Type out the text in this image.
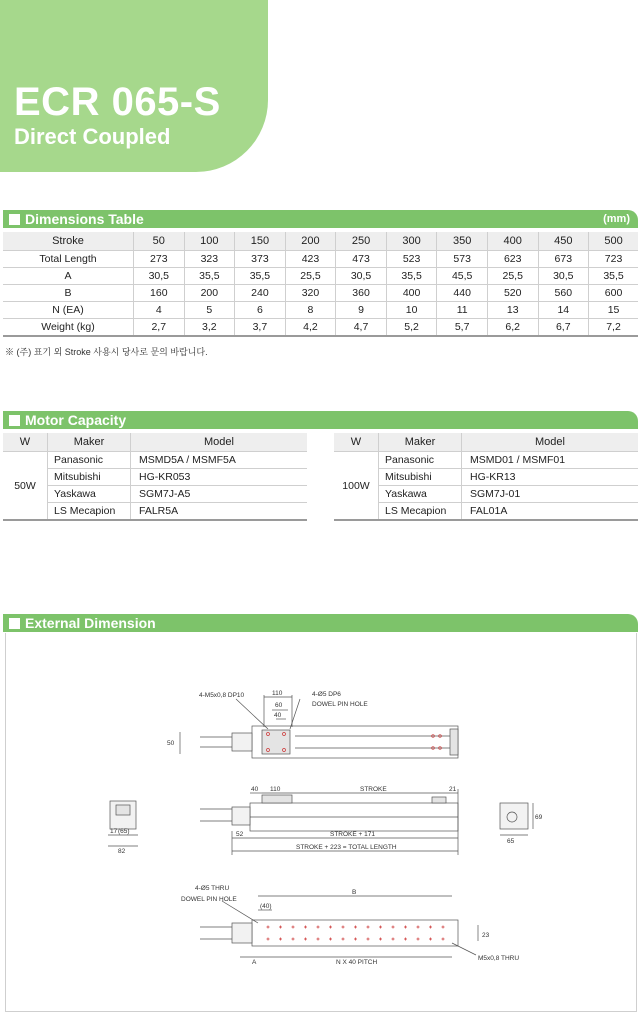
ECR 065-S
Direct Coupled
Dimensions Table	(mm)
Stroke	50	100	150	200	250	300	350	400	450	500
Total Length	273	323	373	423	473	523	573	623	673	723
A	30,5	35,5	35,5	25,5	30,5	35,5	45,5	25,5	30,5	35,5
B	160	200	240	320	360	400	440	520	560	600
N (EA)	4	5	6	8	9	10	11	13	14	15
Weight (kg)	2,7	3,2	3,7	4,2	4,7	5,2	5,7	6,2	6,7	7,2
※ (주) 표기 외 Stroke 사용시 당사로 문의 바랍니다.
Motor Capacity
W	Maker	Model
50W	Panasonic	MSMD5A / MSMF5A
	Mitsubishi	HG-KR053
	Yaskawa	SGM7J-A5
	LS Mecapion	FALR5A
W	Maker	Model
100W	Panasonic	MSMD01 / MSMF01
	Mitsubishi	HG-KR13
	Yaskawa	SGM7J-01
	LS Mecapion	FAL01A
External Dimension
4-M5x0,8 DP10	110
60
40
4-Ø5 DP6
DOWEL PIN HOLE
50
40 110	STROKE	21
52	STROKE + 171
STROKE + 223 = TOTAL LENGTH
17 (65)
82
69
65
4-Ø5 THRU
DOWEL PIN HOLE
B
(40)
23
A	N X 40 PITCH
M5x0,8 THRU
